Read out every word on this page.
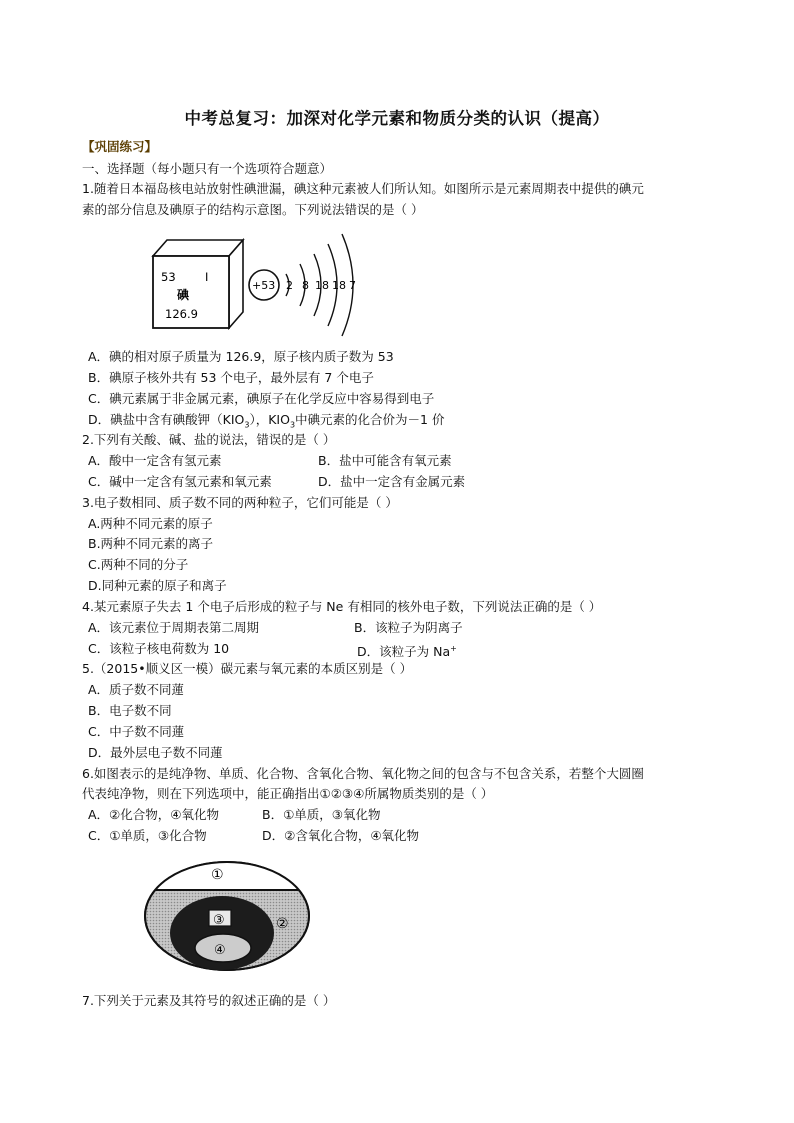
中考总复习：加深对化学元素和物质分类的认识（提高）
【巩固练习】
一、选择题（每小题只有一个选项符合题意）
1.随着日本福岛核电站放射性碘泄漏，碘这种元素被人们所认知。如图所示是元素周期表中提供的碘元
素的部分信息及碘原子的结构示意图。下列说法错误的是（ ）
53	I
碘
126.9
+53 2 8 18 18 7
A．碘的相对原子质量为 126.9，原子核内质子数为 53
B．碘原子核外共有 53 个电子，最外层有 7 个电子
C．碘元素属于非金属元素，碘原子在化学反应中容易得到电子
D．碘盐中含有碘酸钾$(KIO_3)$，$KIO_3$中碘元素的化合价为－1 价
2.下列有关酸、碱、盐的说法，错误的是（ ）
A．酸中一定含有氢元素	B．盐中可能含有氧元素
C．碱中一定含有氢元素和氧元素	D．盐中一定含有金属元素
3.电子数相同、质子数不同的两种粒子，它们可能是（ ）
A.两种不同元素的原子
B.两种不同元素的离子
C.两种不同的分子
D.同种元素的原子和离子
4.某元素原子失去 1 个电子后形成的粒子与 Ne 有相同的核外电子数，下列说法正确的是（ ）
A．该元素位于周期表第二周期	B．该粒子为阴离子
C．该粒子核电荷数为 10	D．该粒子为 Na+
5.（2015•顺义区一模）碳元素与氧元素的本质区别是（ ）
A．质子数不同蓮
B．电子数不同
C．中子数不同蓮
D．最外层电子数不同蓮
6.如图表示的是纯净物、单质、化合物、含氧化合物、氧化物之间的包含与不包含关系，若整个大圆圈
代表纯净物，则在下列选项中，能正确指出①②③④所属物质类别的是（ ）
A．②化合物，④氧化物	B．①单质，③氧化物
C．①单质，③化合物	D．②含氧化合物，④氧化物
①
②
③
④
7.下列关于元素及其符号的叙述正确的是（ ）
